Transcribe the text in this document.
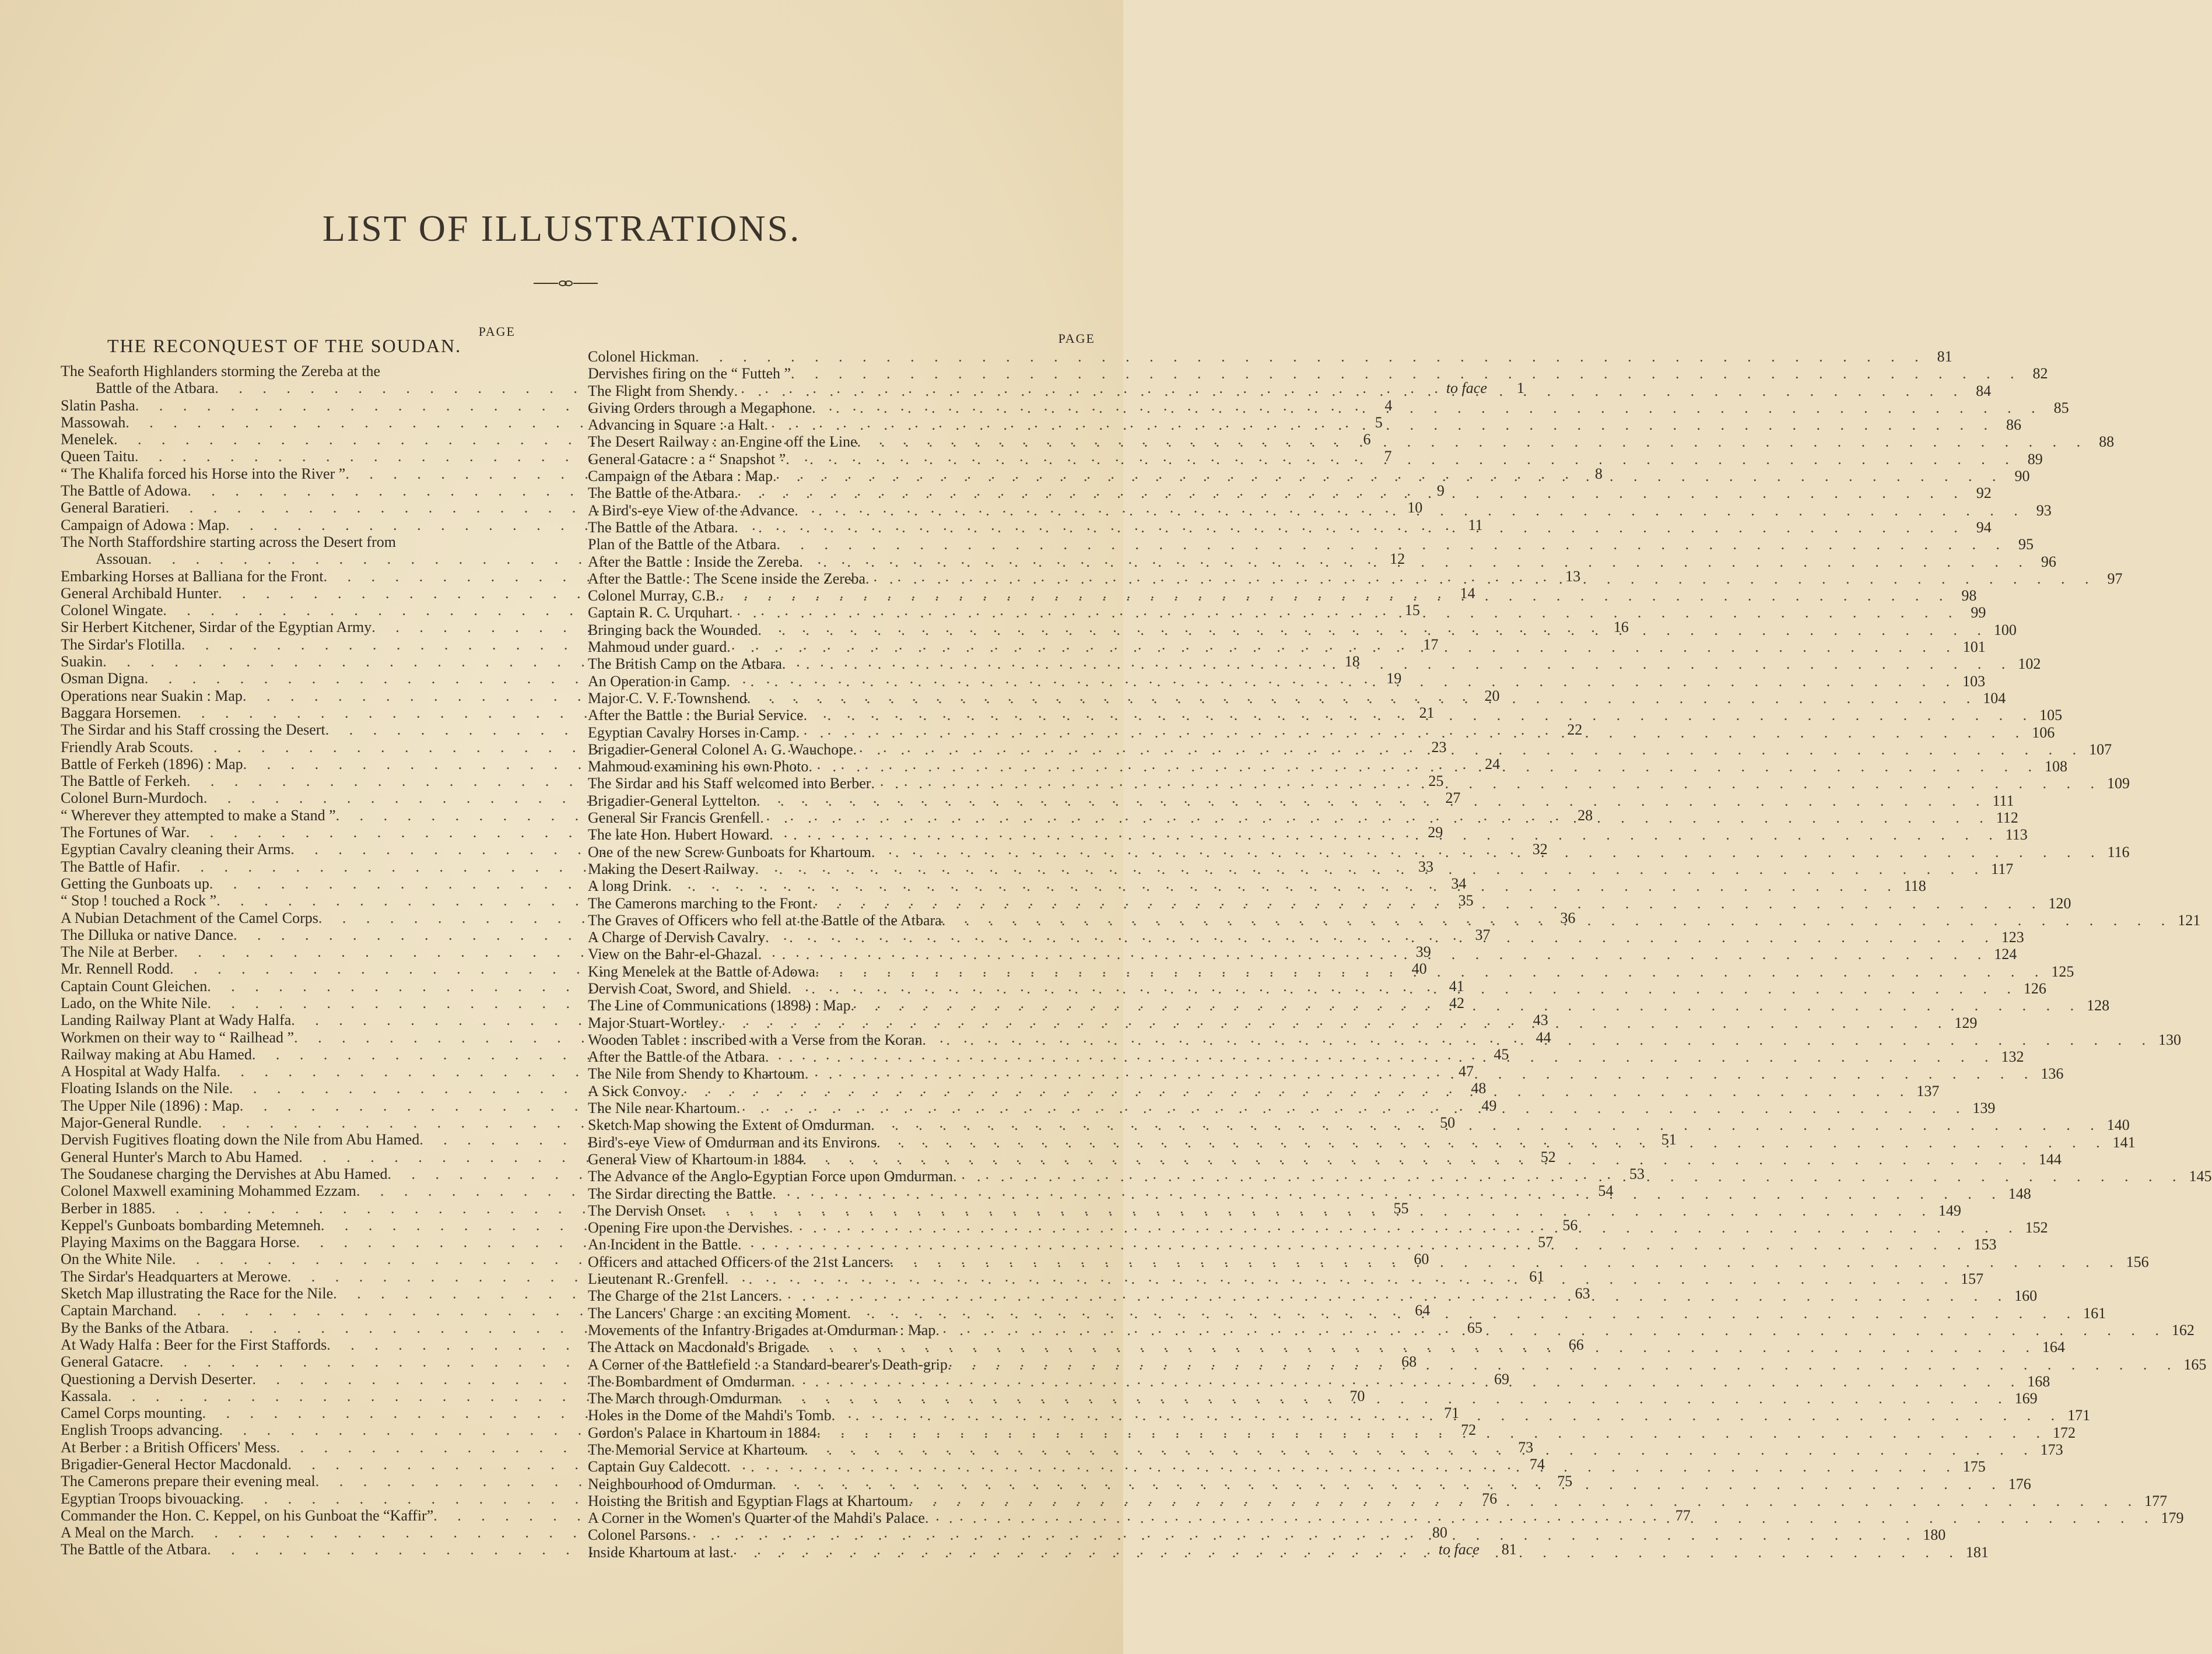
LIST OF ILLUSTRATIONS.
PAGE
THE RECONQUEST OF THE SOUDAN.
The Seaforth Highlanders storming the Zereba at the
Battle of the Atbara . . .	to face	1
Slatin Pasha . . .	4
Massowah . . .	5
Menelek . . .	6
Queen Taitu . . .	7
“ The Khalifa forced his Horse into the River ” . . .	8
The Battle of Adowa . . .	9
General Baratieri . . .	10
Campaign of Adowa : Map . . .	11
The North Staffordshire starting across the Desert from
Assouan . . .	12
Embarking Horses at Balliana for the Front . . .	13
General Archibald Hunter . . .	14
Colonel Wingate . . .	15
Sir Herbert Kitchener, Sirdar of the Egyptian Army . . .	16
The Sirdar's Flotilla . . .	17
Suakin . . .	18
Osman Digna . . .	19
Operations near Suakin : Map . . .	20
Baggara Horsemen . . .	21
The Sirdar and his Staff crossing the Desert . . .	22
Friendly Arab Scouts . . .	23
Battle of Ferkeh (1896) : Map . . .	24
The Battle of Ferkeh . . .	25
Colonel Burn-Murdoch . . .	27
“ Wherever they attempted to make a Stand ” . . .	28
The Fortunes of War . . .	29
Egyptian Cavalry cleaning their Arms . . .	32
The Battle of Hafir . . .	33
Getting the Gunboats up . . .	34
“ Stop ! touched a Rock ” . . .	35
A Nubian Detachment of the Camel Corps . . .	36
The Dilluka or native Dance . . .	37
The Nile at Berber . . .	39
Mr. Rennell Rodd . . .	40
Captain Count Gleichen . . .	41
Lado, on the White Nile . . .	42
Landing Railway Plant at Wady Halfa . . .	43
Workmen on their way to “ Railhead ” . . .	44
Railway making at Abu Hamed . . .	45
A Hospital at Wady Halfa . . .	47
Floating Islands on the Nile . . .	48
The Upper Nile (1896) : Map . . .	49
Major-General Rundle . . .	50
Dervish Fugitives floating down the Nile from Abu Hamed . . .	51
General Hunter's March to Abu Hamed . . .	52
The Soudanese charging the Dervishes at Abu Hamed . . .	53
Colonel Maxwell examining Mohammed Ezzam . . .	54
Berber in 1885 . . .	55
Keppel's Gunboats bombarding Metemneh . . .	56
Playing Maxims on the Baggara Horse . . .	57
On the White Nile . . .	60
The Sirdar's Headquarters at Merowe . . .	61
Sketch Map illustrating the Race for the Nile . . .	63
Captain Marchand . . .	64
By the Banks of the Atbara . . .	65
At Wady Halfa : Beer for the First Staffords . . .	66
General Gatacre . . .	68
Questioning a Dervish Deserter . . .	69
Kassala . . .	70
Camel Corps mounting . . .	71
English Troops advancing . . .	72
At Berber : a British Officers' Mess . . .	73
Brigadier-General Hector Macdonald . . .	74
The Camerons prepare their evening meal . . .	75
Egyptian Troops bivouacking . . .	76
Commander the Hon. C. Keppel, on his Gunboat the “Kaffir” . . .	77
A Meal on the March . . .	80
The Battle of the Atbara . . .	to face	81
PAGE
Colonel Hickman . . .	81
Dervishes firing on the “ Futteh ” . . .	82
The Flight from Shendy . . .	84
Giving Orders through a Megaphone . . .	85
Advancing in Square : a Halt . . .	86
The Desert Railway : an Engine off the Line . . .	88
General Gatacre : a “ Snapshot ” . . .	89
Campaign of the Atbara : Map . . .	90
The Battle of the Atbara . . .	92
A Bird's-eye View of the Advance . . .	93
The Battle of the Atbara . . .	94
Plan of the Battle of the Atbara . . .	95
After the Battle : Inside the Zereba . . .	96
After the Battle : The Scene inside the Zereba . . .	97
Colonel Murray, C.B. . . .	98
Captain R. C. Urquhart . . .	99
Bringing back the Wounded . . .	100
Mahmoud under guard . . .	101
The British Camp on the Atbara . . .	102
An Operation in Camp . . .	103
Major C. V. F. Townshend . . .	104
After the Battle : the Burial Service . . .	105
Egyptian Cavalry Horses in Camp . . .	106
Brigadier-General Colonel A. G. Wauchope . . .	107
Mahmoud examining his own Photo . . .	108
The Sirdar and his Staff welcomed into Berber . . .	109
Brigadier-General Lyttelton . . .	111
General Sir Francis Grenfell . . .	112
The late Hon. Hubert Howard . . .	113
One of the new Screw Gunboats for Khartoum . . .	116
Making the Desert Railway . . .	117
A long Drink . . .	118
The Camerons marching to the Front . . .	120
The Graves of Officers who fell at the Battle of the Atbara . . .	121
A Charge of Dervish Cavalry . . .	123
View on the Bahr-el-Ghazal . . .	124
King Menelek at the Battle of Adowa . . .	125
Dervish Coat, Sword, and Shield . . .	126
The Line of Communications (1898) : Map . . .	128
Major Stuart-Wortley . . .	129
Wooden Tablet : inscribed with a Verse from the Koran . . .	130
After the Battle of the Atbara . . .	132
The Nile from Shendy to Khartoum . . .	136
A Sick Convoy . . .	137
The Nile near Khartoum . . .	139
Sketch Map showing the Extent of Omdurman . . .	140
Bird's-eye View of Omdurman and its Environs . . .	141
General View of Khartoum in 1884 . . .	144
The Advance of the Anglo-Egyptian Force upon Omdurman . . .	145
The Sirdar directing the Battle . . .	148
The Dervish Onset . . .	149
Opening Fire upon the Dervishes . . .	152
An Incident in the Battle . . .	153
Officers and attached Officers of the 21st Lancers . . .	156
Lieutenant R. Grenfell . . .	157
The Charge of the 21st Lancers . . .	160
The Lancers' Charge : an exciting Moment . . .	161
Movements of the Infantry Brigades at Omdurman : Map . . .	162
The Attack on Macdonald's Brigade . . .	164
A Corner of the Battlefield : a Standard-bearer's Death-grip . . .	165
The Bombardment of Omdurman . . .	168
The March through Omdurman . . .	169
Holes in the Dome of the Mahdi's Tomb . . .	171
Gordon's Palace in Khartoum in 1884 . . .	172
The Memorial Service at Khartoum . . .	173
Captain Guy Caldecott . . .	175
Neighbourhood of Omdurman . . .	176
Hoisting the British and Egyptian Flags at Khartoum . . .	177
A Corner in the Women's Quarter of the Mahdi's Palace . . .	179
Colonel Parsons . . .	180
Inside Khartoum at last . . .	181
